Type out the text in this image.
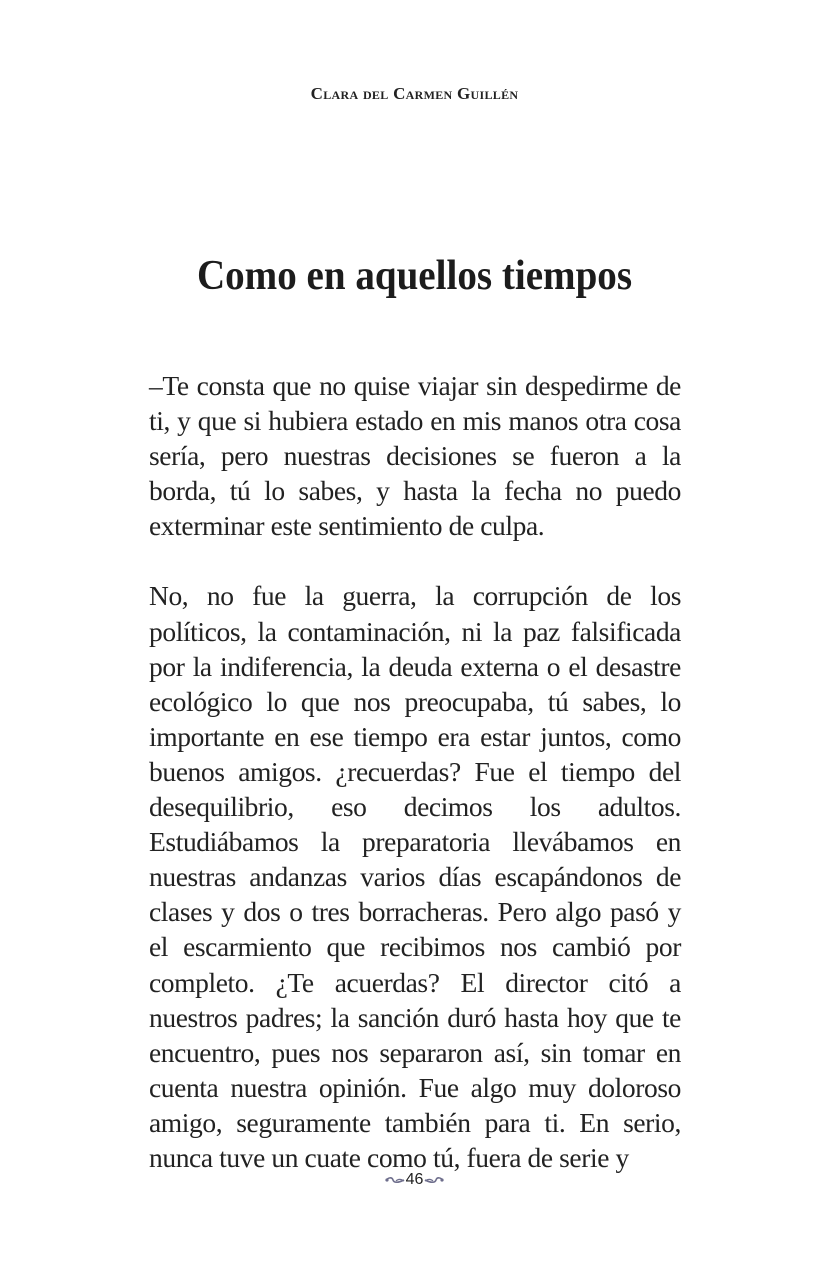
Clara del Carmen Guillén
Como en aquellos tiempos

–Te consta que no quise viajar sin despedirme de ti, y que si hubiera estado en mis manos otra cosa sería, pero nuestras decisiones se fueron a la borda, tú lo sabes, y hasta la fecha no puedo exterminar este sentimiento de culpa.

No, no fue la guerra, la corrupción de los políticos, la contaminación, ni la paz falsificada por la indiferencia, la deuda externa o el desastre ecológico lo que nos preocupaba, tú sabes, lo importante en ese tiempo era estar juntos, como buenos amigos. ¿recuerdas? Fue el tiempo del desequilibrio, eso decimos los adultos. Estudiábamos la preparatoria llevábamos en nuestras andanzas varios días escapándonos de clases y dos o tres borracheras. Pero algo pasó y el escarmiento que recibimos nos cambió por completo. ¿Te acuerdas? El director citó a nuestros padres; la sanción duró hasta hoy que te encuentro, pues nos separaron así, sin tomar en cuenta nuestra opinión. Fue algo muy doloroso amigo, seguramente también para ti. En serio, nunca tuve un cuate como tú, fuera de serie y

46
